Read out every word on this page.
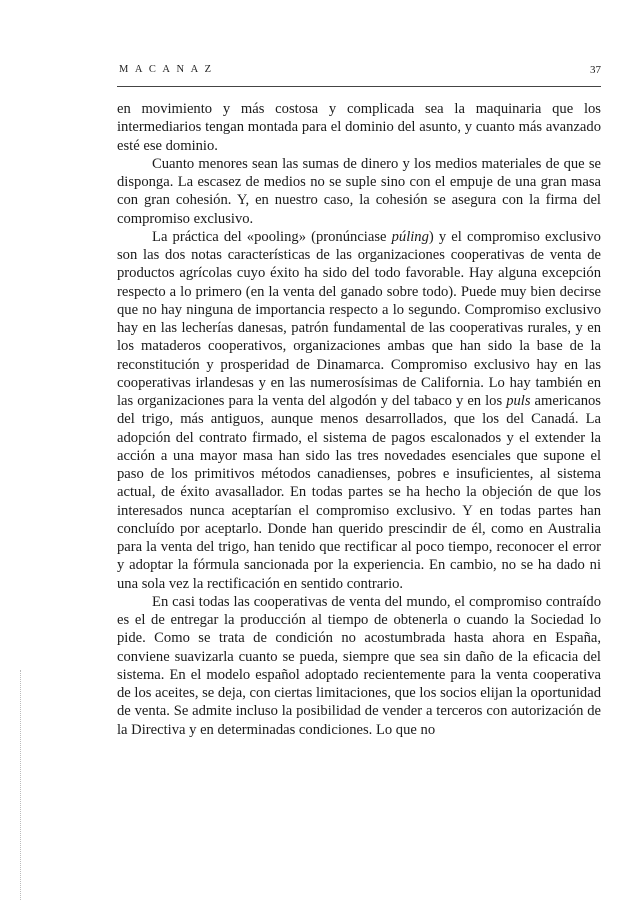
MACANAZ	37

en movimiento y más costosa y complicada sea la maquinaria que los intermediarios tengan montada para el dominio del asunto, y cuanto más avanzado esté ese dominio.

Cuanto menores sean las sumas de dinero y los medios materiales de que se disponga. La escasez de medios no se suple sino con el empuje de una gran masa con gran cohesión. Y, en nuestro caso, la cohesión se asegura con la firma del compromiso exclusivo.

La práctica del «pooling» (pronúnciase púling) y el compromiso exclusivo son las dos notas características de las organizaciones cooperativas de venta de productos agrícolas cuyo éxito ha sido del todo favorable. Hay alguna excepción respecto a lo primero (en la venta del ganado sobre todo). Puede muy bien decirse que no hay ninguna de importancia respecto a lo segundo. Compromiso exclusivo hay en las lecherías danesas, patrón fundamental de las cooperativas rurales, y en los mataderos cooperativos, organizaciones ambas que han sido la base de la reconstitución y prosperidad de Dinamarca. Compromiso exclusivo hay en las cooperativas irlandesas y en las numerosísimas de California. Lo hay también en las organizaciones para la venta del algodón y del tabaco y en los puls americanos del trigo, más antiguos, aunque menos desarrollados, que los del Canadá. La adopción del contrato firmado, el sistema de pagos escalonados y el extender la acción a una mayor masa han sido las tres novedades esenciales que supone el paso de los primitivos métodos canadienses, pobres e insuficientes, al sistema actual, de éxito avasallador. En todas partes se ha hecho la objeción de que los interesados nunca aceptarían el compromiso exclusivo. Y en todas partes han concluído por aceptarlo. Donde han querido prescindir de él, como en Australia para la venta del trigo, han tenido que rectificar al poco tiempo, reconocer el error y adoptar la fórmula sancionada por la experiencia. En cambio, no se ha dado ni una sola vez la rectificación en sentido contrario.

En casi todas las cooperativas de venta del mundo, el compromiso contraído es el de entregar la producción al tiempo de obtenerla o cuando la Sociedad lo pide. Como se trata de condición no acostumbrada hasta ahora en España, conviene suavizarla cuanto se pueda, siempre que sea sin daño de la eficacia del sistema. En el modelo español adoptado recientemente para la venta cooperativa de los aceites, se deja, con ciertas limitaciones, que los socios elijan la oportunidad de venta. Se admite incluso la posibilidad de vender a terceros con autorización de la Directiva y en determinadas condiciones. Lo que no
